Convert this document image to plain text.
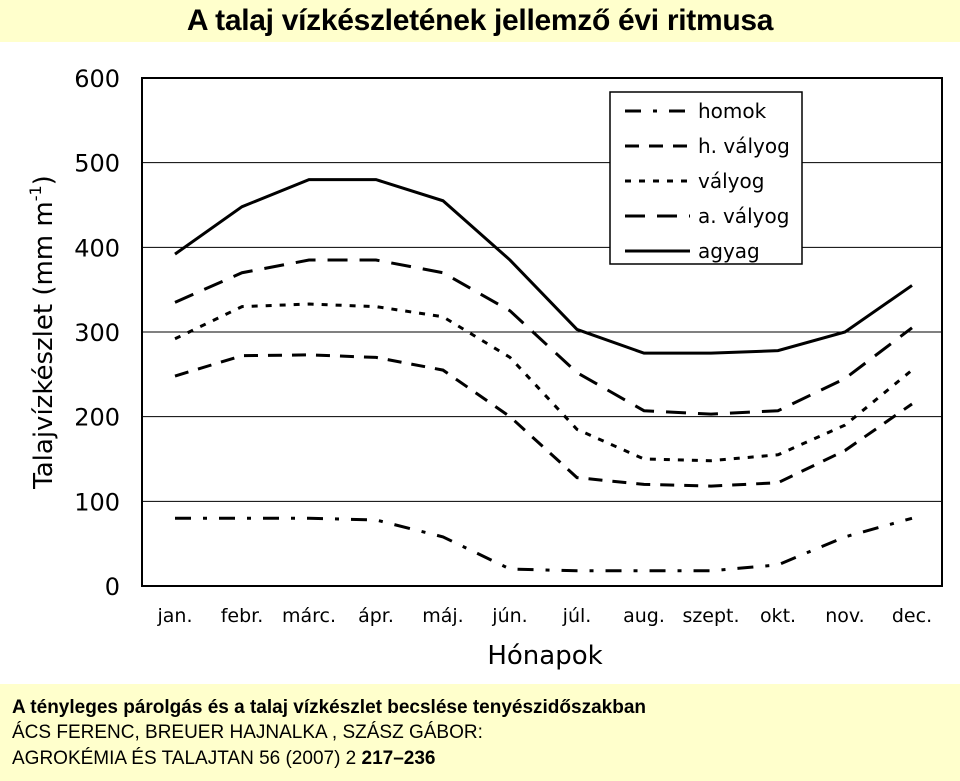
A talaj vízkészletének jellemző évi ritmusa
0
100
200
300
400
500
600
jan. febr. márc. ápr. máj. jún. júl. aug. szept. okt. nov. dec.
homok
h. vályog
vályog
a. vályog
agyag
Hónapok
Talajvízkészlet (mm $m^{-1}$)
A tényleges párolgás és a talaj vízkészlet becslése tenyészidőszakban
ÁCS FERENC, BREUER HAJNALKA , SZÁSZ GÁBOR:
AGROKÉMIA ÉS TALAJTAN 56 (2007) 2 217–236
